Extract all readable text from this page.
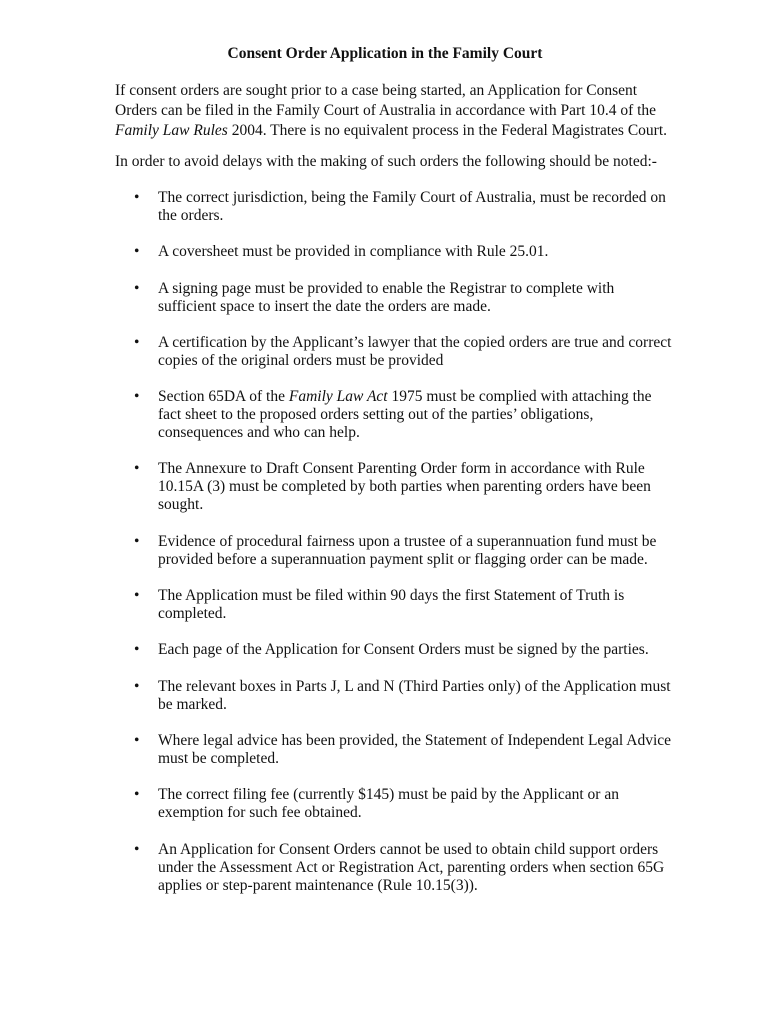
Consent Order Application in the Family Court

If consent orders are sought prior to a case being started, an Application for Consent Orders can be filed in the Family Court of Australia in accordance with Part 10.4 of the Family Law Rules 2004. There is no equivalent process in the Federal Magistrates Court.

In order to avoid delays with the making of such orders the following should be noted:-

• The correct jurisdiction, being the Family Court of Australia, must be recorded on the orders.
• A coversheet must be provided in compliance with Rule 25.01.
• A signing page must be provided to enable the Registrar to complete with sufficient space to insert the date the orders are made.
• A certification by the Applicant’s lawyer that the copied orders are true and correct copies of the original orders must be provided
• Section 65DA of the Family Law Act 1975 must be complied with attaching the fact sheet to the proposed orders setting out of the parties’ obligations, consequences and who can help.
• The Annexure to Draft Consent Parenting Order form in accordance with Rule 10.15A (3) must be completed by both parties when parenting orders have been sought.
• Evidence of procedural fairness upon a trustee of a superannuation fund must be provided before a superannuation payment split or flagging order can be made.
• The Application must be filed within 90 days the first Statement of Truth is completed.
• Each page of the Application for Consent Orders must be signed by the parties.
• The relevant boxes in Parts J, L and N (Third Parties only) of the Application must be marked.
• Where legal advice has been provided, the Statement of Independent Legal Advice must be completed.
• The correct filing fee (currently $145) must be paid by the Applicant or an exemption for such fee obtained.
• An Application for Consent Orders cannot be used to obtain child support orders under the Assessment Act or Registration Act, parenting orders when section 65G applies or step-parent maintenance (Rule 10.15(3)).
